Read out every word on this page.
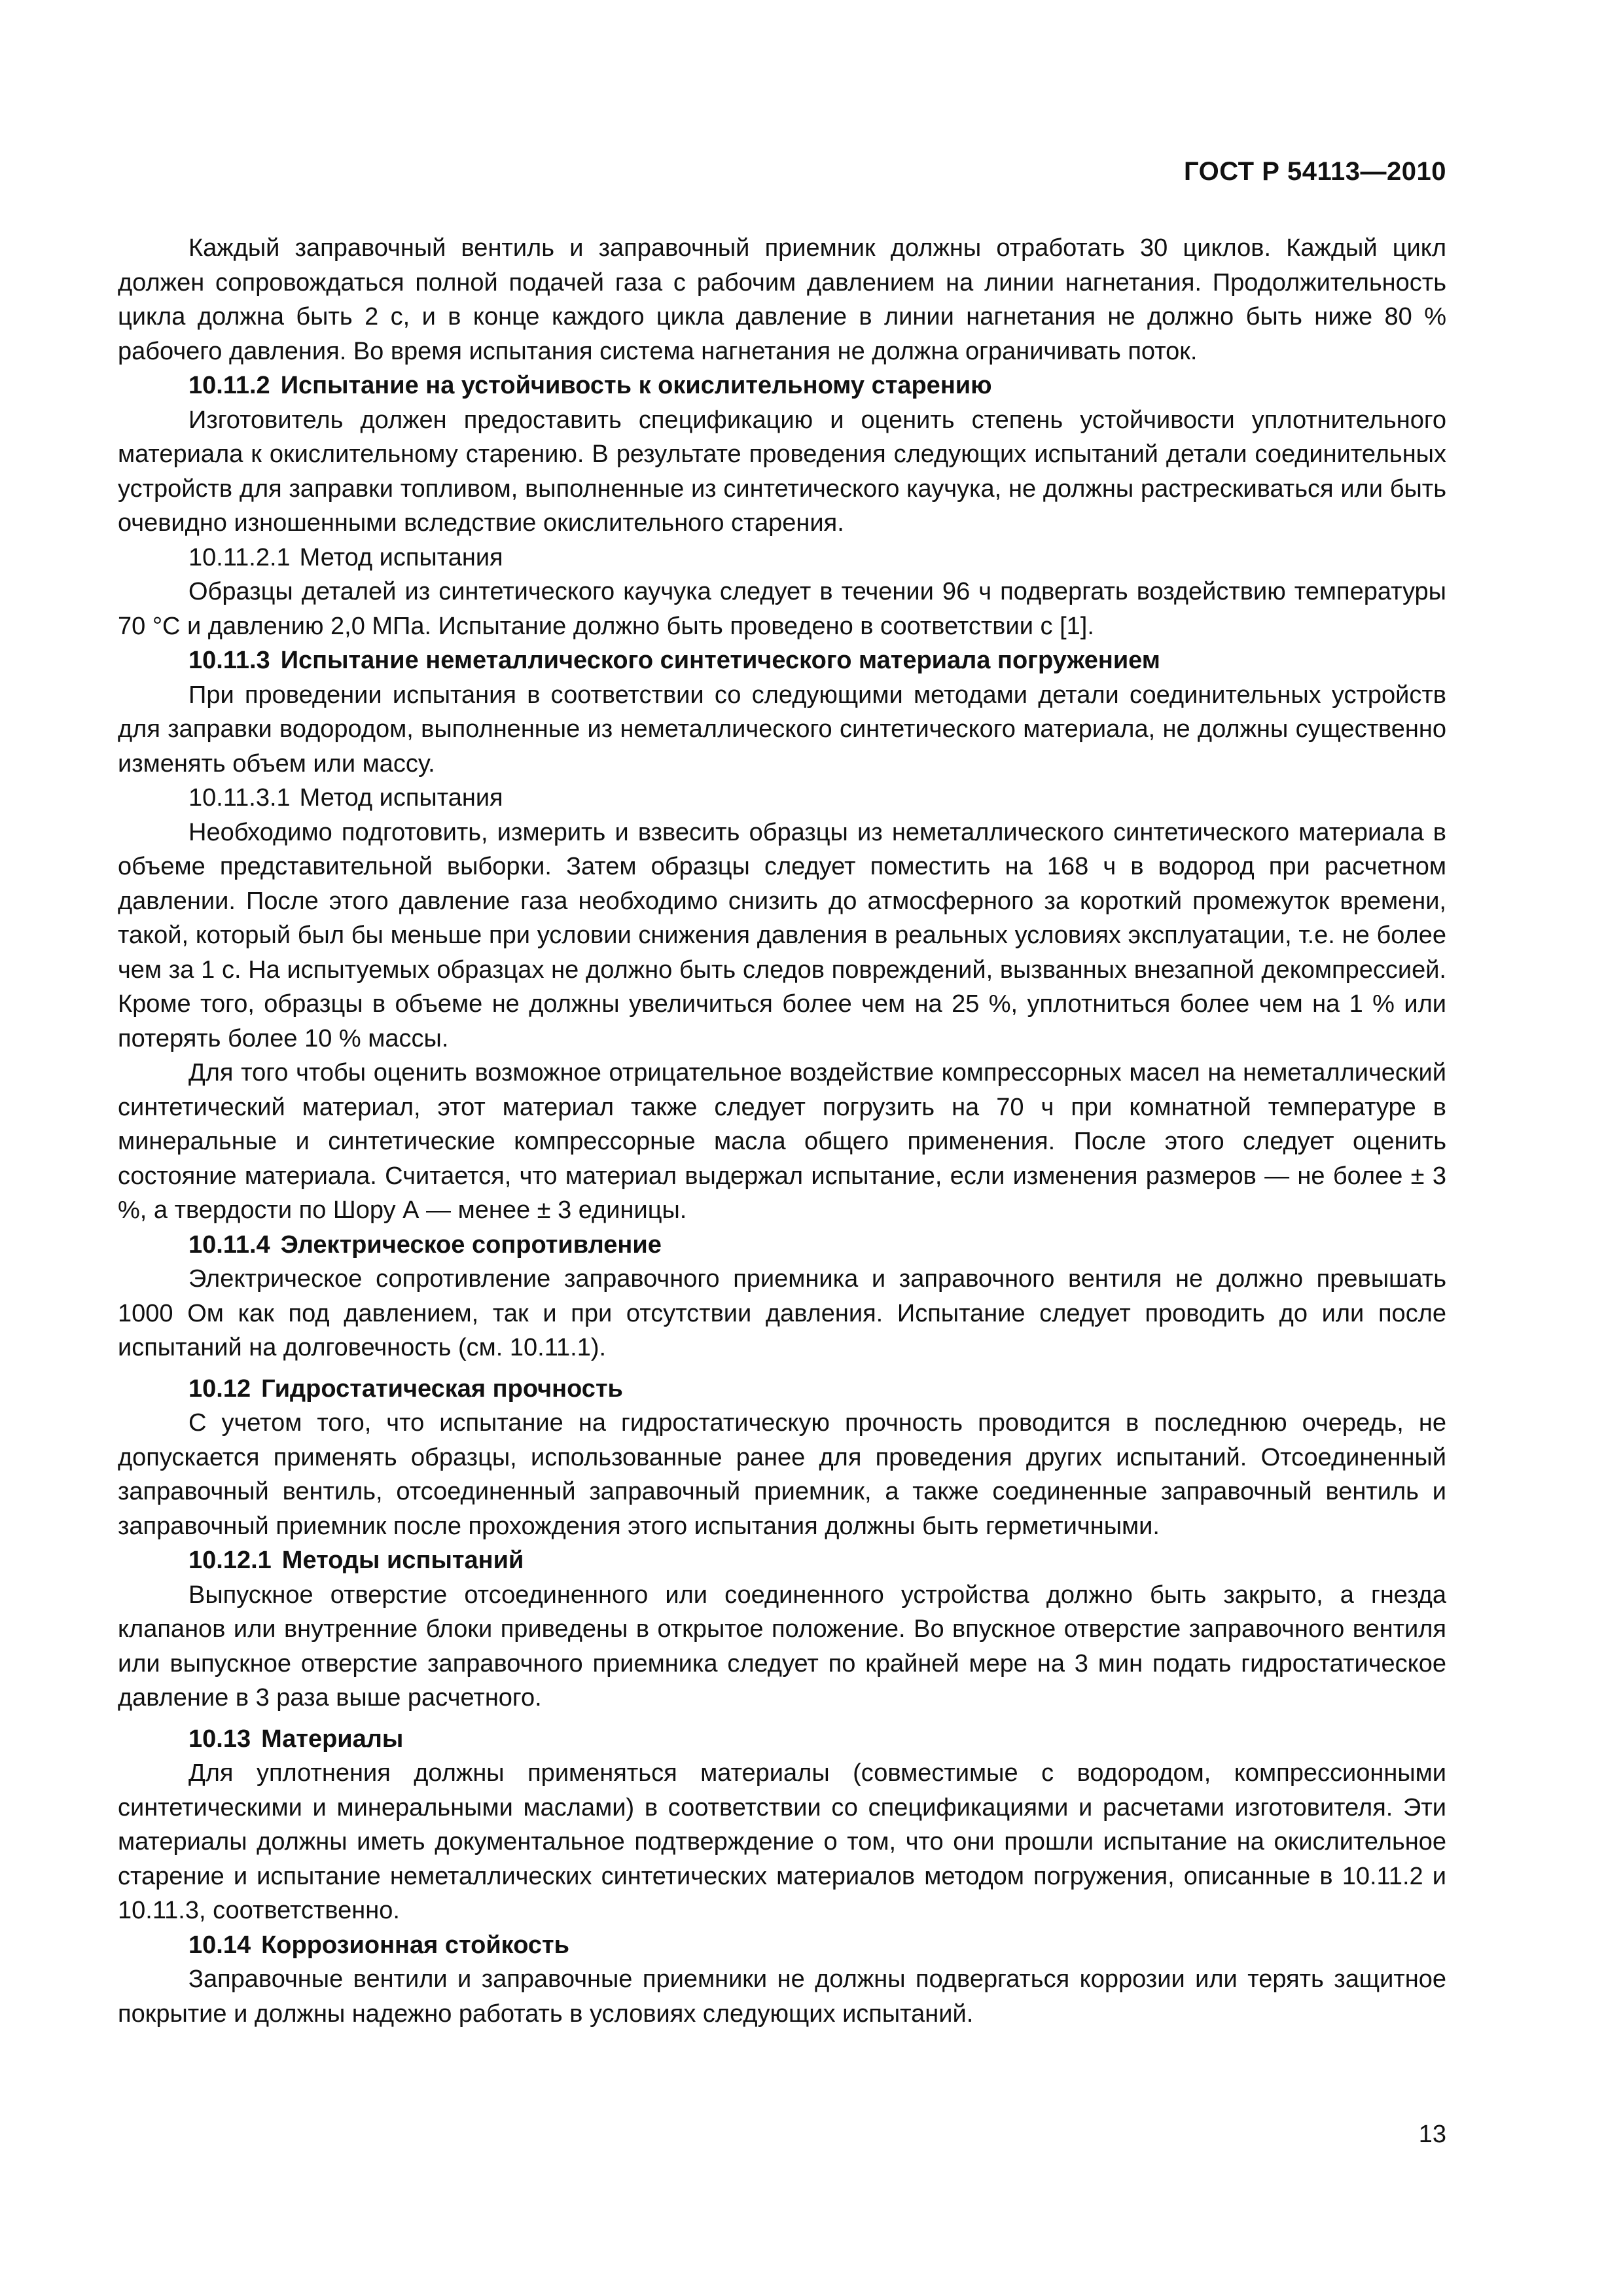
ГОСТ Р 54113—2010

Каждый заправочный вентиль и заправочный приемник должны отработать 30 циклов. Каждый цикл должен сопровождаться полной подачей газа с рабочим давлением на линии нагнетания. Продолжительность цикла должна быть 2 с, и в конце каждого цикла давление в линии нагнетания не должно быть ниже 80 % рабочего давления. Во время испытания система нагнетания не должна ограничивать поток.

10.11.2 Испытание на устойчивость к окислительному старению

Изготовитель должен предоставить спецификацию и оценить степень устойчивости уплотнительного материала к окислительному старению. В результате проведения следующих испытаний детали соединительных устройств для заправки топливом, выполненные из синтетического каучука, не должны растрескиваться или быть очевидно изношенными вследствие окислительного старения.

10.11.2.1 Метод испытания

Образцы деталей из синтетического каучука следует в течении 96 ч подвергать воздействию температуры 70 °С и давлению 2,0 МПа. Испытание должно быть проведено в соответствии с [1].

10.11.3 Испытание неметаллического синтетического материала погружением

При проведении испытания в соответствии со следующими методами детали соединительных устройств для заправки водородом, выполненные из неметаллического синтетического материала, не должны существенно изменять объем или массу.

10.11.3.1 Метод испытания

Необходимо подготовить, измерить и взвесить образцы из неметаллического синтетического материала в объеме представительной выборки. Затем образцы следует поместить на 168 ч в водород при расчетном давлении. После этого давление газа необходимо снизить до атмосферного за короткий промежуток времени, такой, который был бы меньше при условии снижения давления в реальных условиях эксплуатации, т.е. не более чем за 1 с. На испытуемых образцах не должно быть следов повреждений, вызванных внезапной декомпрессией. Кроме того, образцы в объеме не должны увеличиться более чем на 25 %, уплотниться более чем на 1 % или потерять более 10 % массы.

Для того чтобы оценить возможное отрицательное воздействие компрессорных масел на неметаллический синтетический материал, этот материал также следует погрузить на 70 ч при комнатной температуре в минеральные и синтетические компрессорные масла общего применения. После этого следует оценить состояние материала. Считается, что материал выдержал испытание, если изменения размеров — не более ± 3 %, а твердости по Шору А — менее ± 3 единицы.

10.11.4 Электрическое сопротивление

Электрическое сопротивление заправочного приемника и заправочного вентиля не должно превышать 1000 Ом как под давлением, так и при отсутствии давления. Испытание следует проводить до или после испытаний на долговечность (см. 10.11.1).

10.12 Гидростатическая прочность

С учетом того, что испытание на гидростатическую прочность проводится в последнюю очередь, не допускается применять образцы, использованные ранее для проведения других испытаний. Отсоединенный заправочный вентиль, отсоединенный заправочный приемник, а также соединенные заправочный вентиль и заправочный приемник после прохождения этого испытания должны быть герметичными.

10.12.1 Методы испытаний

Выпускное отверстие отсоединенного или соединенного устройства должно быть закрыто, а гнезда клапанов или внутренние блоки приведены в открытое положение. Во впускное отверстие заправочного вентиля или выпускное отверстие заправочного приемника следует по крайней мере на 3 мин подать гидростатическое давление в 3 раза выше расчетного.

10.13 Материалы

Для уплотнения должны применяться материалы (совместимые с водородом, компрессионными синтетическими и минеральными маслами) в соответствии со спецификациями и расчетами изготовителя. Эти материалы должны иметь документальное подтверждение о том, что они прошли испытание на окислительное старение и испытание неметаллических синтетических материалов методом погружения, описанные в 10.11.2 и 10.11.3, соответственно.

10.14 Коррозионная стойкость

Заправочные вентили и заправочные приемники не должны подвергаться коррозии или терять защитное покрытие и должны надежно работать в условиях следующих испытаний.

13
